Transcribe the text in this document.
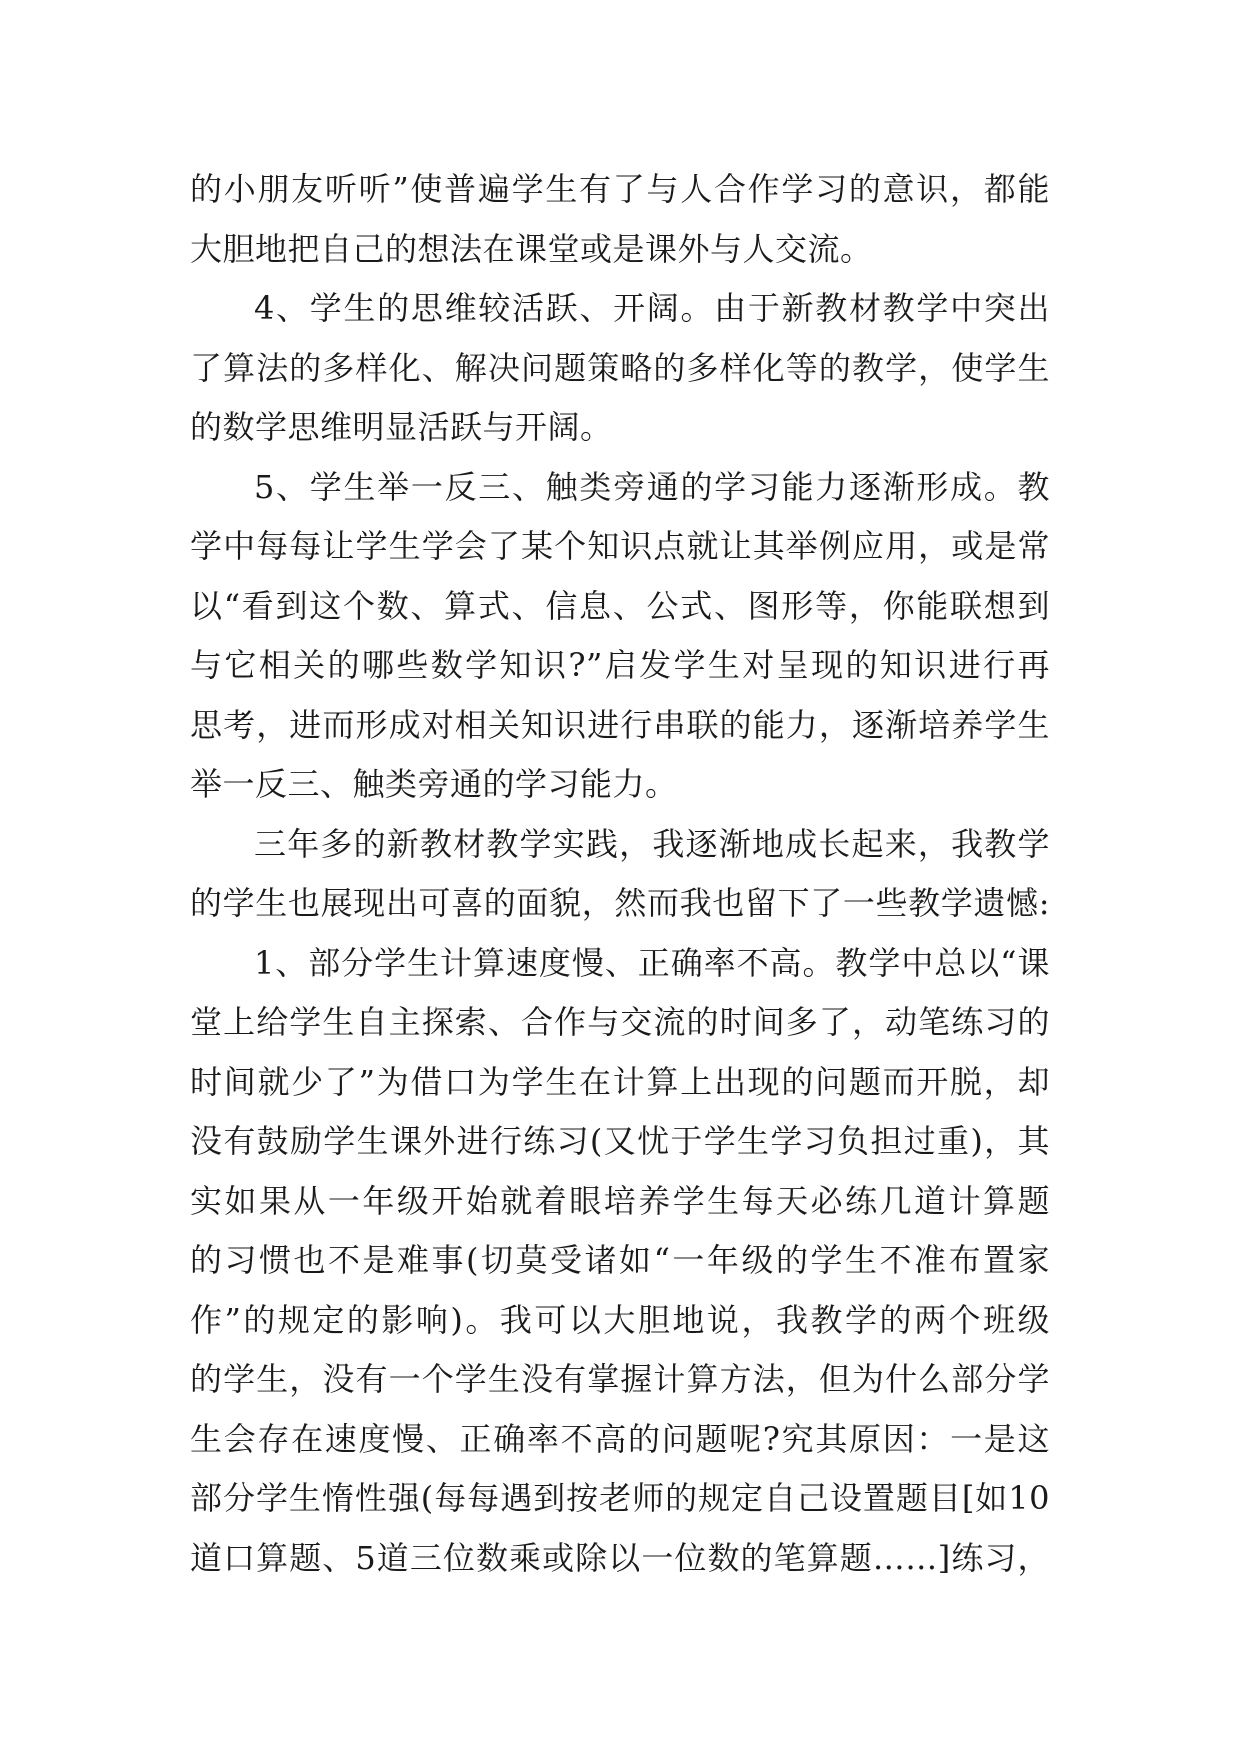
的小朋友听听”使普遍学生有了与人合作学习的意识，都能
大胆地把自己的想法在课堂或是课外与人交流。
4、学生的思维较活跃、开阔。由于新教材教学中突出
了算法的多样化、解决问题策略的多样化等的教学，使学生
的数学思维明显活跃与开阔。
5、学生举一反三、触类旁通的学习能力逐渐形成。教
学中每每让学生学会了某个知识点就让其举例应用，或是常
以“看到这个数、算式、信息、公式、图形等，你能联想到
与它相关的哪些数学知识?”启发学生对呈现的知识进行再
思考，进而形成对相关知识进行串联的能力，逐渐培养学生
举一反三、触类旁通的学习能力。
三年多的新教材教学实践，我逐渐地成长起来，我教学
的学生也展现出可喜的面貌，然而我也留下了一些教学遗憾:
1、部分学生计算速度慢、正确率不高。教学中总以“课
堂上给学生自主探索、合作与交流的时间多了，动笔练习的
时间就少了”为借口为学生在计算上出现的问题而开脱，却
没有鼓励学生课外进行练习(又忧于学生学习负担过重)，其
实如果从一年级开始就着眼培养学生每天必练几道计算题
的习惯也不是难事(切莫受诸如“一年级的学生不准布置家
作”的规定的影响)。我可以大胆地说，我教学的两个班级
的学生，没有一个学生没有掌握计算方法，但为什么部分学
生会存在速度慢、正确率不高的问题呢?究其原因：一是这
部分学生惰性强(每每遇到按老师的规定自己设置题目[如10
道口算题、5道三位数乘或除以一位数的笔算题……]练习，
